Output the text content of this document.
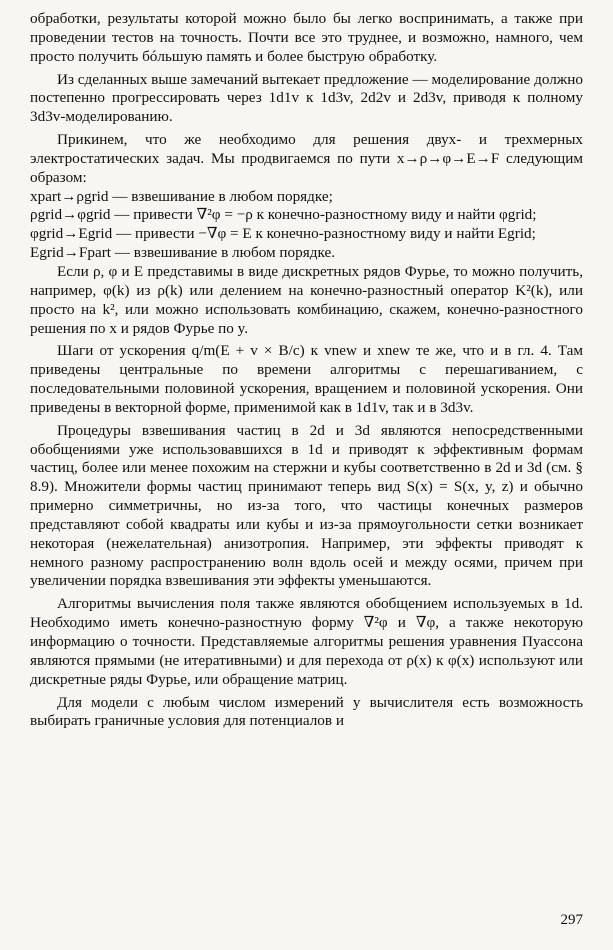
обработки, результаты которой можно было бы легко воспринимать, а также при проведении тестов на точность. Почти все это труднее, и возможно, намного, чем просто получить бóльшую память и более быструю обработку.

Из сделанных выше замечаний вытекает предложение — моделирование должно постепенно прогрессировать через 1d1v к 1d3v, 2d2v и 2d3v, приводя к полному 3d3v-моделированию.

Прикинем, что же необходимо для решения двух- и трехмерных электростатических задач. Мы продвигаемся по пути x→ρ→φ→E→F следующим образом:

xpart→ρgrid — взвешивание в любом порядке;

ρgrid→φgrid — привести ∇²φ = −ρ к конечно-разностному виду и найти φgrid;

φgrid→Egrid — привести −∇φ = E к конечно-разностному виду и найти Egrid;

Egrid→Fpart — взвешивание в любом порядке.

Если ρ, φ и E представимы в виде дискретных рядов Фурье, то можно получить, например, φ(k) из ρ(k) или делением на конечно-разностный оператор K²(k), или просто на k², или можно использовать комбинацию, скажем, конечно-разностного решения по x и рядов Фурье по y.

Шаги от ускорения q/m(E + v × B/c) к vnew и xnew те же, что и в гл. 4. Там приведены центральные по времени алгоритмы с перешагиванием, с последовательными половиной ускорения, вращением и половиной ускорения. Они приведены в векторной форме, применимой как в 1d1v, так и в 3d3v.

Процедуры взвешивания частиц в 2d и 3d являются непосредственными обобщениями уже использовавшихся в 1d и приводят к эффективным формам частиц, более или менее похожим на стержни и кубы соответственно в 2d и 3d (см. § 8.9). Множители формы частиц принимают теперь вид S(x) = S(x, y, z) и обычно примерно симметричны, но из-за того, что частицы конечных размеров представляют собой квадраты или кубы и из-за прямоугольности сетки возникает некоторая (нежелательная) анизотропия. Например, эти эффекты приводят к немного разному распространению волн вдоль осей и между осями, причем при увеличении порядка взвешивания эти эффекты уменьшаются.

Алгоритмы вычисления поля также являются обобщением используемых в 1d. Необходимо иметь конечно-разностную форму ∇²φ и ∇φ, а также некоторую информацию о точности. Представляемые алгоритмы решения уравнения Пуассона являются прямыми (не итеративными) и для перехода от ρ(x) к φ(x) используют или дискретные ряды Фурье, или обращение матриц.

Для модели с любым числом измерений у вычислителя есть возможность выбирать граничные условия для потенциалов и

297
